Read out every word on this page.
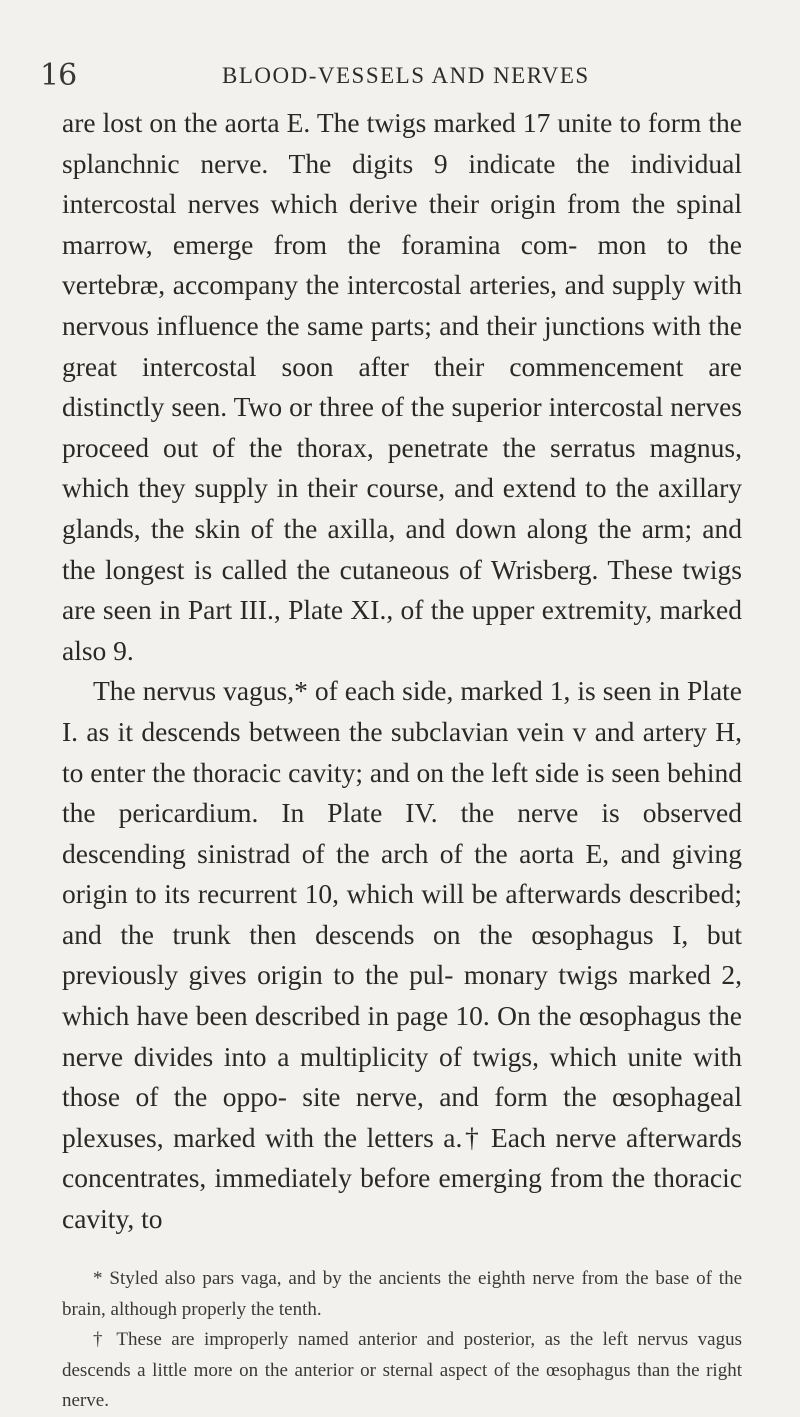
16	BLOOD-VESSELS AND NERVES

are lost on the aorta E. The twigs marked 17 unite to form the splanchnic nerve. The digits 9 indicate the individual intercostal nerves which derive their origin from the spinal marrow, emerge from the foramina com- mon to the vertebræ, accompany the intercostal arteries, and supply with nervous influence the same parts; and their junctions with the great intercostal soon after their commencement are distinctly seen. Two or three of the superior intercostal nerves proceed out of the thorax, penetrate the serratus magnus, which they supply in their course, and extend to the axillary glands, the skin of the axilla, and down along the arm; and the longest is called the cutaneous of Wrisberg. These twigs are seen in Part III., Plate XI., of the upper extremity, marked also 9.

The nervus vagus,* of each side, marked 1, is seen in Plate I. as it descends between the subclavian vein v and artery H, to enter the thoracic cavity; and on the left side is seen behind the pericardium. In Plate IV. the nerve is observed descending sinistrad of the arch of the aorta E, and giving origin to its recurrent 10, which will be afterwards described; and the trunk then descends on the œsophagus I, but previously gives origin to the pul- monary twigs marked 2, which have been described in page 10. On the œsophagus the nerve divides into a multiplicity of twigs, which unite with those of the oppo- site nerve, and form the œsophageal plexuses, marked with the letters a.† Each nerve afterwards concentrates, immediately before emerging from the thoracic cavity, to

* Styled also pars vaga, and by the ancients the eighth nerve from the base of the brain, although properly the tenth.

† These are improperly named anterior and posterior, as the left nervus vagus descends a little more on the anterior or sternal aspect of the œsophagus than the right nerve.
